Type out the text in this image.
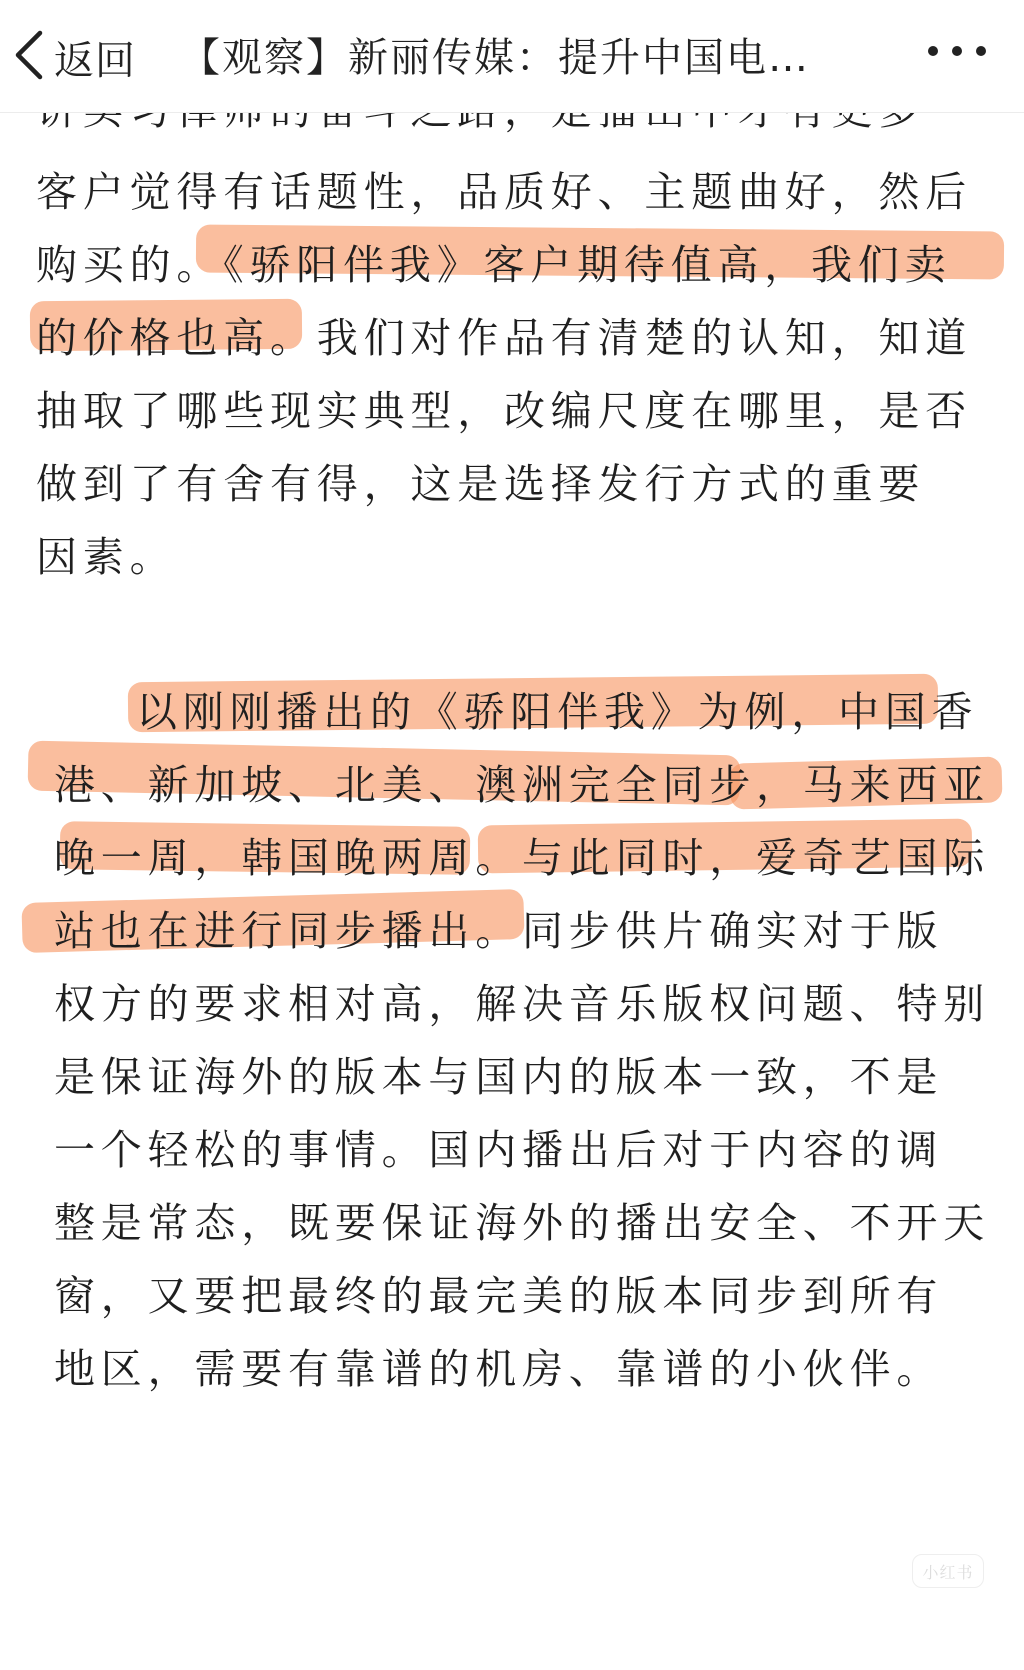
客户觉得有话题性，品质好、主题曲好，然后
购买的。《骄阳伴我》客户期待值高，我们卖
的价格也高。我们对作品有清楚的认知，知道
抽取了哪些现实典型，改编尺度在哪里，是否
做到了有舍有得，这是选择发行方式的重要
因素。
以刚刚播出的《骄阳伴我》为例，中国香
港、新加坡、北美、澳洲完全同步，马来西亚
晚一周，韩国晚两周。与此同时，爱奇艺国际
站也在进行同步播出。同步供片确实对于版
权方的要求相对高，解决音乐版权问题、特别
是保证海外的版本与国内的版本一致，不是
一个轻松的事情。国内播出后对于内容的调
整是常态，既要保证海外的播出安全、不开天
窗，又要把最终的最完美的版本同步到所有
地区，需要有靠谱的机房、靠谱的小伙伴。
返回 【观察】新丽传媒：提升中国电…
小红书
